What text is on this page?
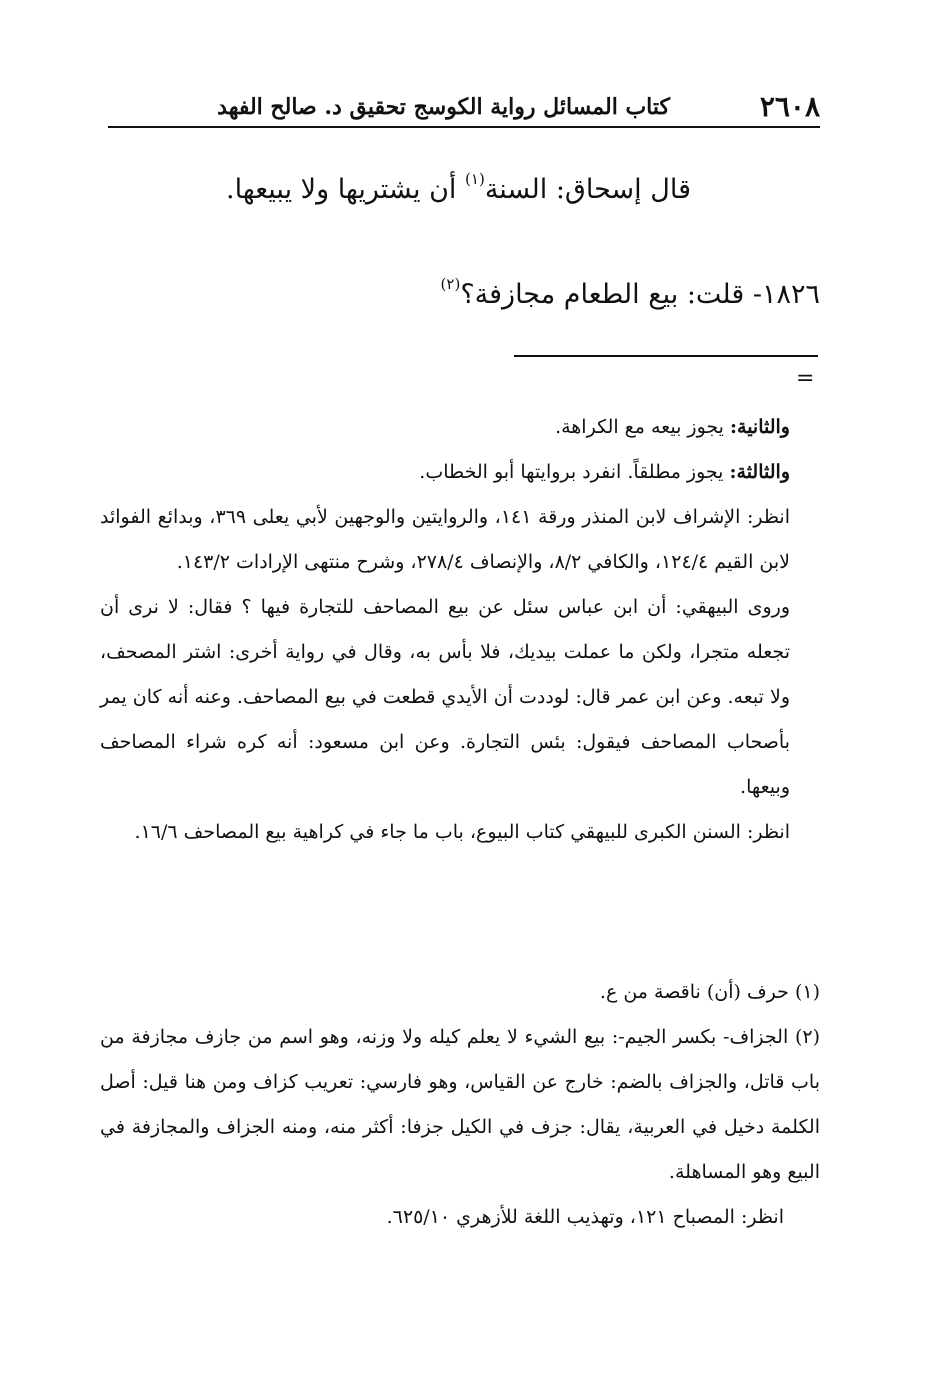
٢٦٠٨
كتاب المسائل رواية الكوسج تحقيق د. صالح الفهد
قال إسحاق: السنة$^{(١)}$ أن يشتريها ولا يبيعها.
١٨٢٦- قلت: بيع الطعام مجازفة؟$^{(٢)}$
=

والثانية: يجوز بيعه مع الكراهة.

والثالثة: يجوز مطلقاً. انفرد بروايتها أبو الخطاب.

انظر: الإشراف لابن المنذر ورقة ١٤١، والروايتين والوجهين لأبي يعلى ٣٦٩، وبدائع الفوائد لابن القيم ١٢٤/٤، والكافي ٨/٢، والإنصاف ٢٧٨/٤، وشرح منتهى الإرادات ١٤٣/٢.

وروى البيهقي: أن ابن عباس سئل عن بيع المصاحف للتجارة فيها ؟ فقال: لا نرى أن تجعله متجرا، ولكن ما عملت بيديك، فلا بأس به، وقال في رواية أخرى: اشتر المصحف، ولا تبعه. وعن ابن عمر قال: لوددت أن الأيدي قطعت في بيع المصاحف. وعنه أنه كان يمر بأصحاب المصاحف فيقول: بئس التجارة. وعن ابن مسعود: أنه كره شراء المصاحف وبيعها.

انظر: السنن الكبرى للبيهقي كتاب البيوع، باب ما جاء في كراهية بيع المصاحف ١٦/٦.

(١) حرف (أن) ناقصة من ع.

(٢) الجزاف- بكسر الجيم-: بيع الشيء لا يعلم كيله ولا وزنه، وهو اسم من جازف مجازفة من باب قاتل، والجزاف بالضم: خارج عن القياس، وهو فارسي: تعريب كزاف ومن هنا قيل: أصل الكلمة دخيل في العربية، يقال: جزف في الكيل جزفا: أكثر منه، ومنه الجزاف والمجازفة في البيع وهو المساهلة.

انظر: المصباح ١٢١، وتهذيب اللغة للأزهري ٦٢٥/١٠.
